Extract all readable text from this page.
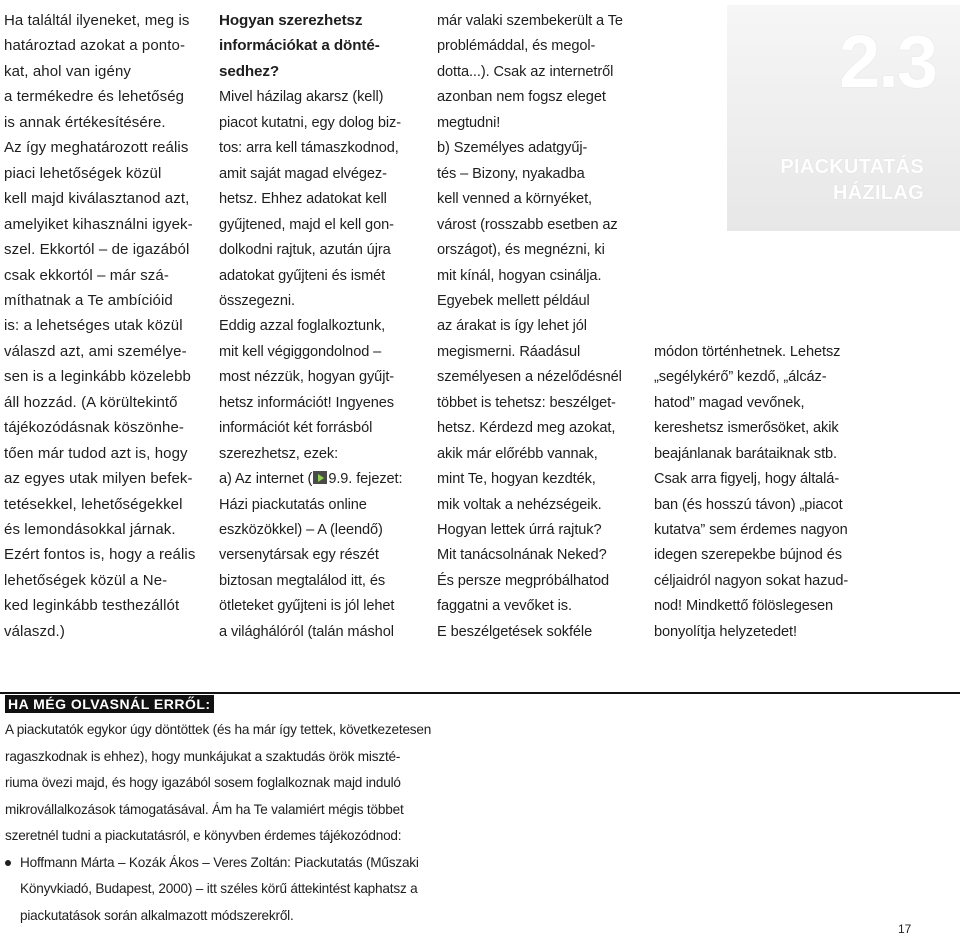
Ha találtál ilyeneket, meg is
határoztad azokat a ponto-
kat, ahol van igény
a termékedre és lehetőség
is annak értékesítésére.
Az így meghatározott reális
piaci lehetőségek közül
kell majd kiválasztanod azt,
amelyiket kihasználni igyek-
szel. Ekkortól – de igazából
csak ekkortól – már szá-
míthatnak a Te ambícióid
is: a lehetséges utak közül
válaszd azt, ami személye-
sen is a leginkább közelebb
áll hozzád. (A körültekintő
tájékozódásnak köszönhe-
tően már tudod azt is, hogy
az egyes utak milyen befek-
tetésekkel, lehetőségekkel
és lemondásokkal járnak.
Ezért fontos is, hogy a reális
lehetőségek közül a Ne-
ked leginkább testhezállót
válaszd.)
Hogyan szerezhetsz
információkat a dönté-
sedhez?
Mivel házilag akarsz (kell)
piacot kutatni, egy dolog biz-
tos: arra kell támaszkodnod,
amit saját magad elvégez-
hetsz. Ehhez adatokat kell
gyűjtened, majd el kell gon-
dolkodni rajtuk, azután újra
adatokat gyűjteni és ismét
összegezni.
Eddig azzal foglalkoztunk,
mit kell végiggondolnod –
most nézzük, hogyan gyűjt-
hetsz információt! Ingyenes
információt két forrásból
szerezhetsz, ezek:
a) Az internet ( 9.9. fejezet:
Házi piackutatás online
eszközökkel) – A (leendő)
versenytársak egy részét
biztosan megtalálod itt, és
ötleteket gyűjteni is jól lehet
a világhálóról (talán máshol
már valaki szembekerült a Te
problémáddal, és megol-
dotta...). Csak az internetről
azonban nem fogsz eleget
megtudni!
b) Személyes adatgyűj-
tés – Bizony, nyakadba
kell venned a környéket,
várost (rosszabb esetben az
országot), és megnézni, ki
mit kínál, hogyan csinálja.
Egyebek mellett például
az árakat is így lehet jól
megismerni. Ráadásul
személyesen a nézelődésnél
többet is tehetsz: beszélget-
hetsz. Kérdezd meg azokat,
akik már előrébb vannak,
mint Te, hogyan kezdték,
mik voltak a nehézségeik.
Hogyan lettek úrrá rajtuk?
Mit tanácsolnának Neked?
És persze megpróbálhatod
faggatni a vevőket is.
E beszélgetések sokféle
módon történhetnek. Lehetsz
„segélykérő” kezdő, „álcáz-
hatod” magad vevőnek,
kereshetsz ismerősöket, akik
beajánlanak barátaiknak stb.
Csak arra figyelj, hogy általá-
ban (és hosszú távon) „piacot
kutatva” sem érdemes nagyon
idegen szerepekbe bújnod és
céljaidról nagyon sokat hazud-
nod! Mindkettő fölöslegesen
bonyolítja helyzetedet!
2.3
PIACKUTATÁS
HÁZILAG
HA MÉG OLVASNÁL ERRŐL:
A piackutatók egykor úgy döntöttek (és ha már így tettek, következetesen
ragaszkodnak is ehhez), hogy munkájukat a szaktudás örök miszté-
riuma övezi majd, és hogy igazából sosem foglalkoznak majd induló
mikrovállalkozások támogatásával. Ám ha Te valamiért mégis többet
szeretnél tudni a piackutatásról, e könyvben érdemes tájékozódnod:
Hoffmann Márta – Kozák Ákos – Veres Zoltán: Piackutatás (Műszaki
Könyvkiadó, Budapest, 2000) – itt széles körű áttekintést kaphatsz a
piackutatások során alkalmazott módszerekről.
17
